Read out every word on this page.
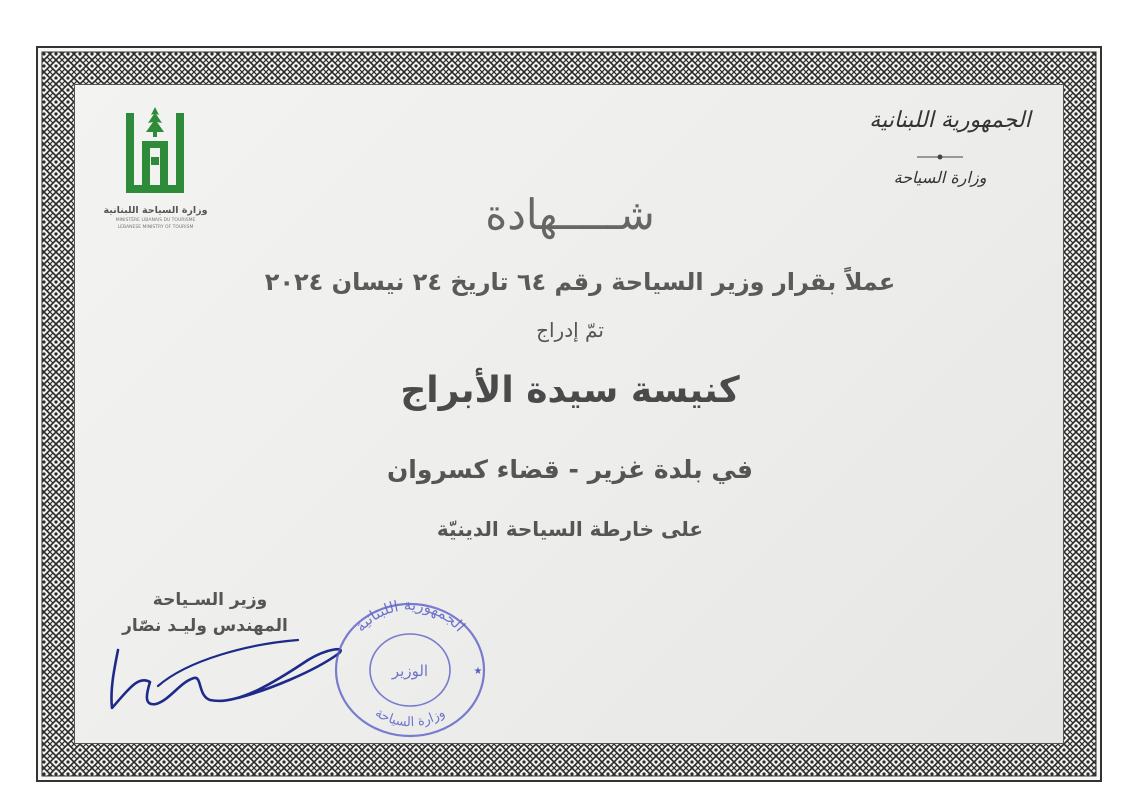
الجمهورية اللبنانية
وزارة السياحة
وزارة السياحة اللبنانية
MINISTÈRE LIBANAIS DU TOURISME
LEBANESE MINISTRY OF TOURISM	شـــــهادة
عملاً بقرار وزير السياحة رقم ٦٤ تاريخ ٢٤ نيسان ٢٠٢٤
تمّ إدراج
كنيسة سيدة الأبراج
في بلدة غزير - قضاء كسروان
على خارطة السياحة الدينيّة
وزير السـياحة
المهندس وليـد نصّار	الجمهورية اللبنانية
وزارة السياحة
الوزير	★
